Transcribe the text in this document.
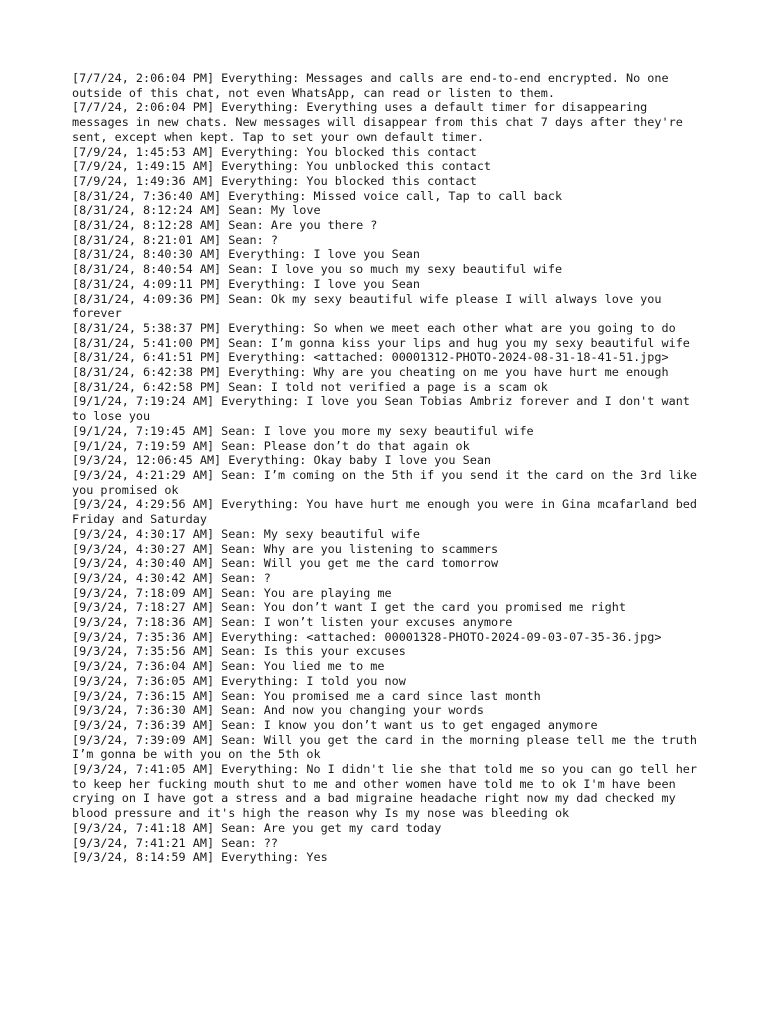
[7/7/24, 2:06:04 PM] Everything: Messages and calls are end-to-end encrypted. No one outside of this chat, not even WhatsApp, can read or listen to them.
[7/7/24, 2:06:04 PM] Everything: Everything uses a default timer for disappearing messages in new chats. New messages will disappear from this chat 7 days after they're sent, except when kept. Tap to set your own default timer.
[7/9/24, 1:45:53 AM] Everything: You blocked this contact
[7/9/24, 1:49:15 AM] Everything: You unblocked this contact
[7/9/24, 1:49:36 AM] Everything: You blocked this contact
[8/31/24, 7:36:40 AM] Everything: Missed voice call, Tap to call back
[8/31/24, 8:12:24 AM] Sean: My love
[8/31/24, 8:12:28 AM] Sean: Are you there ?
[8/31/24, 8:21:01 AM] Sean: ?
[8/31/24, 8:40:30 AM] Everything: I love you Sean
[8/31/24, 8:40:54 AM] Sean: I love you so much my sexy beautiful wife
[8/31/24, 4:09:11 PM] Everything: I love you Sean
[8/31/24, 4:09:36 PM] Sean: Ok my sexy beautiful wife please I will always love you forever
[8/31/24, 5:38:37 PM] Everything: So when we meet each other what are you going to do
[8/31/24, 5:41:00 PM] Sean: I’m gonna kiss your lips and hug you my sexy beautiful wife
[8/31/24, 6:41:51 PM] Everything: <attached: 00001312-PHOTO-2024-08-31-18-41-51.jpg>
[8/31/24, 6:42:38 PM] Everything: Why are you cheating on me you have hurt me enough
[8/31/24, 6:42:58 PM] Sean: I told not verified a page is a scam ok
[9/1/24, 7:19:24 AM] Everything: I love you Sean Tobias Ambriz forever and I don't want to lose you
[9/1/24, 7:19:45 AM] Sean: I love you more my sexy beautiful wife
[9/1/24, 7:19:59 AM] Sean: Please don’t do that again ok
[9/3/24, 12:06:45 AM] Everything: Okay baby I love you Sean
[9/3/24, 4:21:29 AM] Sean: I’m coming on the 5th if you send it the card on the 3rd like you promised ok
[9/3/24, 4:29:56 AM] Everything: You have hurt me enough you were in Gina mcafarland bed Friday and Saturday
[9/3/24, 4:30:17 AM] Sean: My sexy beautiful wife
[9/3/24, 4:30:27 AM] Sean: Why are you listening to scammers
[9/3/24, 4:30:40 AM] Sean: Will you get me the card tomorrow
[9/3/24, 4:30:42 AM] Sean: ?
[9/3/24, 7:18:09 AM] Sean: You are playing me
[9/3/24, 7:18:27 AM] Sean: You don’t want I get the card you promised me right
[9/3/24, 7:18:36 AM] Sean: I won’t listen your excuses anymore
[9/3/24, 7:35:36 AM] Everything: <attached: 00001328-PHOTO-2024-09-03-07-35-36.jpg>
[9/3/24, 7:35:56 AM] Sean: Is this your excuses
[9/3/24, 7:36:04 AM] Sean: You lied me to me
[9/3/24, 7:36:05 AM] Everything: I told you now
[9/3/24, 7:36:15 AM] Sean: You promised me a card since last month
[9/3/24, 7:36:30 AM] Sean: And now you changing your words
[9/3/24, 7:36:39 AM] Sean: I know you don’t want us to get engaged anymore
[9/3/24, 7:39:09 AM] Sean: Will you get the card in the morning please tell me the truth I’m gonna be with you on the 5th ok
[9/3/24, 7:41:05 AM] Everything: No I didn't lie she that told me so you can go tell her to keep her fucking mouth shut to me and other women have told me to ok I'm have been crying on I have got a stress and a bad migraine headache right now my dad checked my blood pressure and it's high the reason why Is my nose was bleeding ok
[9/3/24, 7:41:18 AM] Sean: Are you get my card today
[9/3/24, 7:41:21 AM] Sean: ??
[9/3/24, 8:14:59 AM] Everything: Yes
